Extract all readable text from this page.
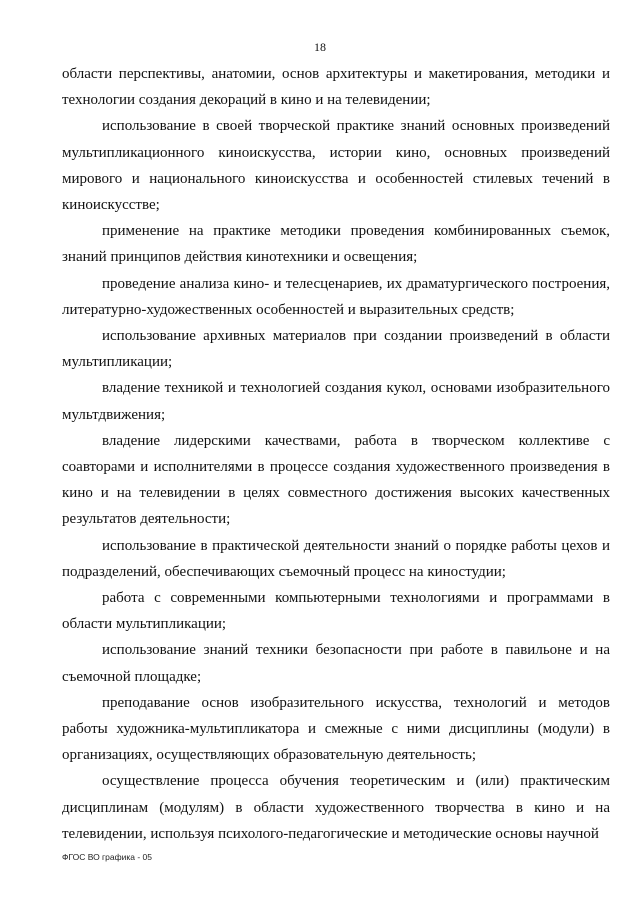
18

области перспективы, анатомии, основ архитектуры и макетирования, методики и технологии создания декораций в кино и на телевидении;

использование в своей творческой практике знаний основных произведений мультипликационного киноискусства, истории кино, основных произведений мирового и национального киноискусства и особенностей стилевых течений в киноискусстве;

применение на практике методики проведения комбинированных съемок, знаний принципов действия кинотехники и освещения;

проведение анализа кино- и телесценариев, их драматургического построения, литературно-художественных особенностей и выразительных средств;

использование архивных материалов при создании произведений в области мультипликации;

владение техникой и технологией создания кукол, основами изобразительного мультдвижения;

владение лидерскими качествами, работа в творческом коллективе с соавторами и исполнителями в процессе создания художественного произведения в кино и на телевидении в целях совместного достижения высоких качественных результатов деятельности;

использование в практической деятельности знаний о порядке работы цехов и подразделений, обеспечивающих съемочный процесс на киностудии;

работа с современными компьютерными технологиями и программами в области мультипликации;

использование знаний техники безопасности при работе в павильоне и на съемочной площадке;

преподавание основ изобразительного искусства, технологий и методов работы художника-мультипликатора и смежные с ними дисциплины (модули) в организациях, осуществляющих образовательную деятельность;

осуществление процесса обучения теоретическим и (или) практическим дисциплинам (модулям) в области художественного творчества в кино и на телевидении, используя психолого-педагогические и методические основы научной

ФГОС ВО графика - 05
